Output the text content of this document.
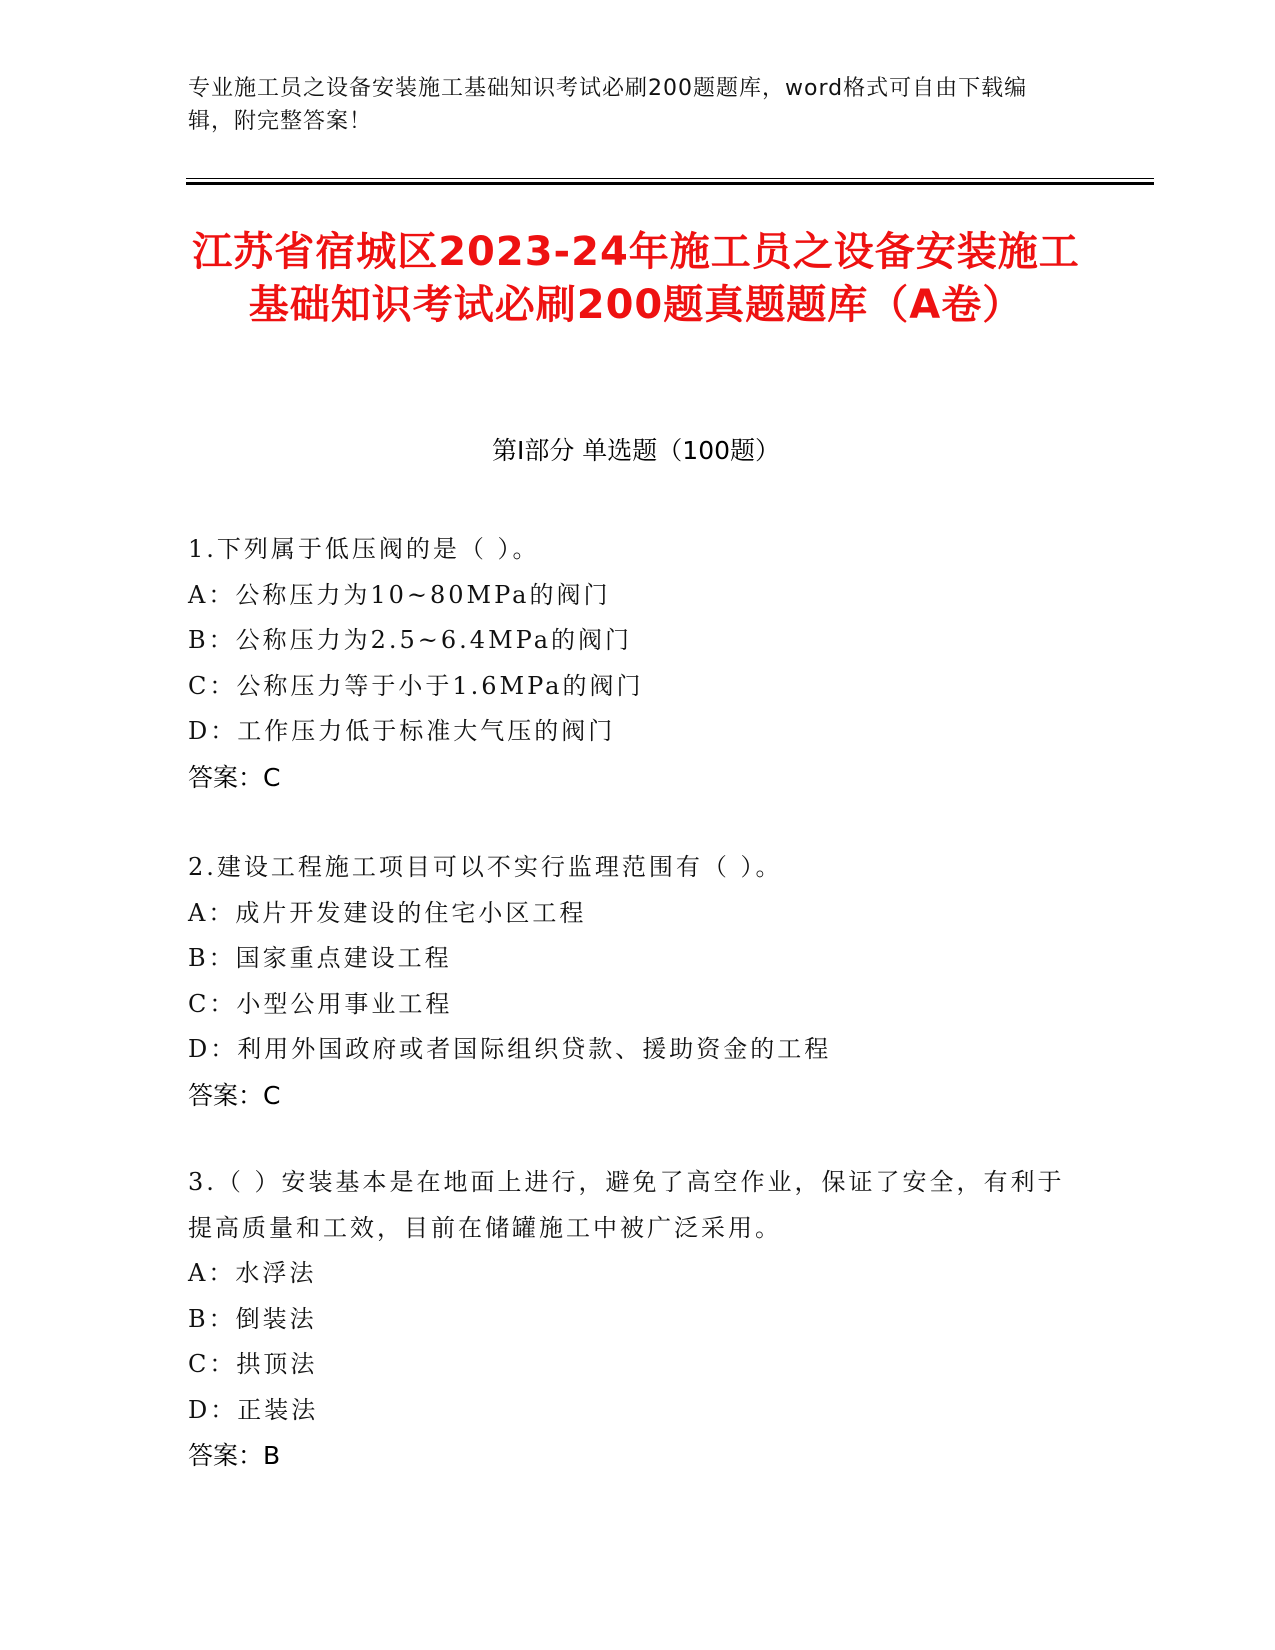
专业施工员之设备安装施工基础知识考试必刷200题题库，word格式可自由下载编辑，附完整答案！
江苏省宿城区2023-24年施工员之设备安装施工基础知识考试必刷200题真题题库（A卷）
第I部分 单选题（100题）

1.下列属于低压阀的是（ ）。

A：公称压力为10~80MPa的阀门

B：公称压力为2.5~6.4MPa的阀门

C：公称压力等于小于1.6MPa的阀门

D：工作压力低于标准大气压的阀门

答案：C

2.建设工程施工项目可以不实行监理范围有（ ）。

A：成片开发建设的住宅小区工程

B：国家重点建设工程

C：小型公用事业工程

D：利用外国政府或者国际组织贷款、援助资金的工程

答案：C

3.（ ）安装基本是在地面上进行，避免了高空作业，保证了安全，有利于提高质量和工效，目前在储罐施工中被广泛采用。

A：水浮法

B：倒装法

C：拱顶法

D：正装法

答案：B
